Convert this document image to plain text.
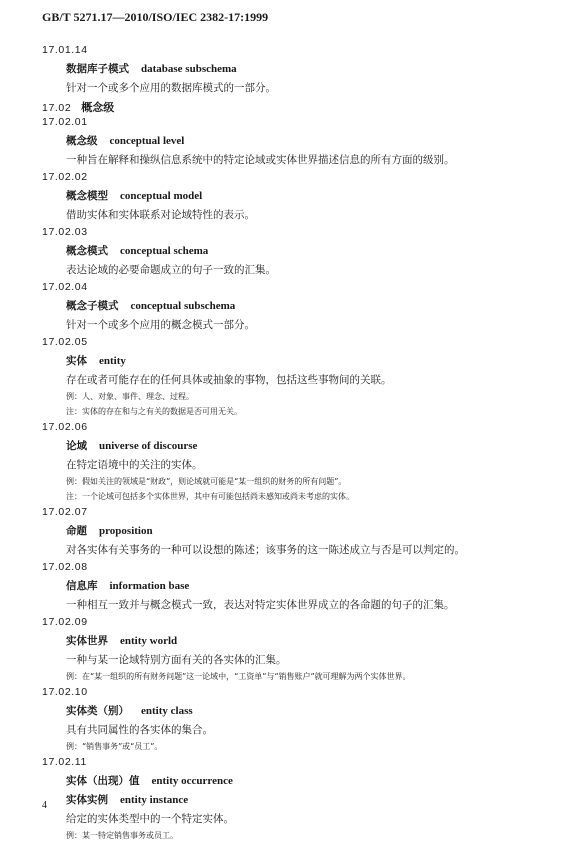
GB/T 5271.17—2010/ISO/IEC 2382-17:1999
17.01.14
数据库子模式 database subschema
针对一个或多个应用的数据库模式的一部分。
17.02 概念级
17.02.01
概念级 conceptual level
一种旨在解释和操纵信息系统中的特定论域或实体世界描述信息的所有方面的级别。
17.02.02
概念模型 conceptual model
借助实体和实体联系对论域特性的表示。
17.02.03
概念模式 conceptual schema
表达论域的必要命题成立的句子一致的汇集。
17.02.04
概念子模式 conceptual subschema
针对一个或多个应用的概念模式一部分。
17.02.05
实体 entity
存在或者可能存在的任何具体或抽象的事物，包括这些事物间的关联。
例：人、对象、事件、理念、过程。
注：实体的存在和与之有关的数据是否可用无关。
17.02.06
论域 universe of discourse
在特定语境中的关注的实体。
例：假如关注的领域是“财政”，则论域就可能是“某一组织的财务的所有问题”。
注：一个论域可包括多个实体世界，其中有可能包括尚未感知或尚未考虑的实体。
17.02.07
命题 proposition
对各实体有关事务的一种可以设想的陈述；该事务的这一陈述成立与否是可以判定的。
17.02.08
信息库 information base
一种相互一致并与概念模式一致，表达对特定实体世界成立的各命题的句子的汇集。
17.02.09
实体世界 entity world
一种与某一论域特别方面有关的各实体的汇集。
例：在“某一组织的所有财务问题”这一论域中，“工资单”与“销售账户”就可理解为两个实体世界。
17.02.10
实体类（别） entity class
具有共同属性的各实体的集合。
例：“销售事务”或“员工”。
17.02.11
实体（出现）值 entity occurrence
实体实例 entity instance
给定的实体类型中的一个特定实体。
例：某一特定销售事务或员工。
4
